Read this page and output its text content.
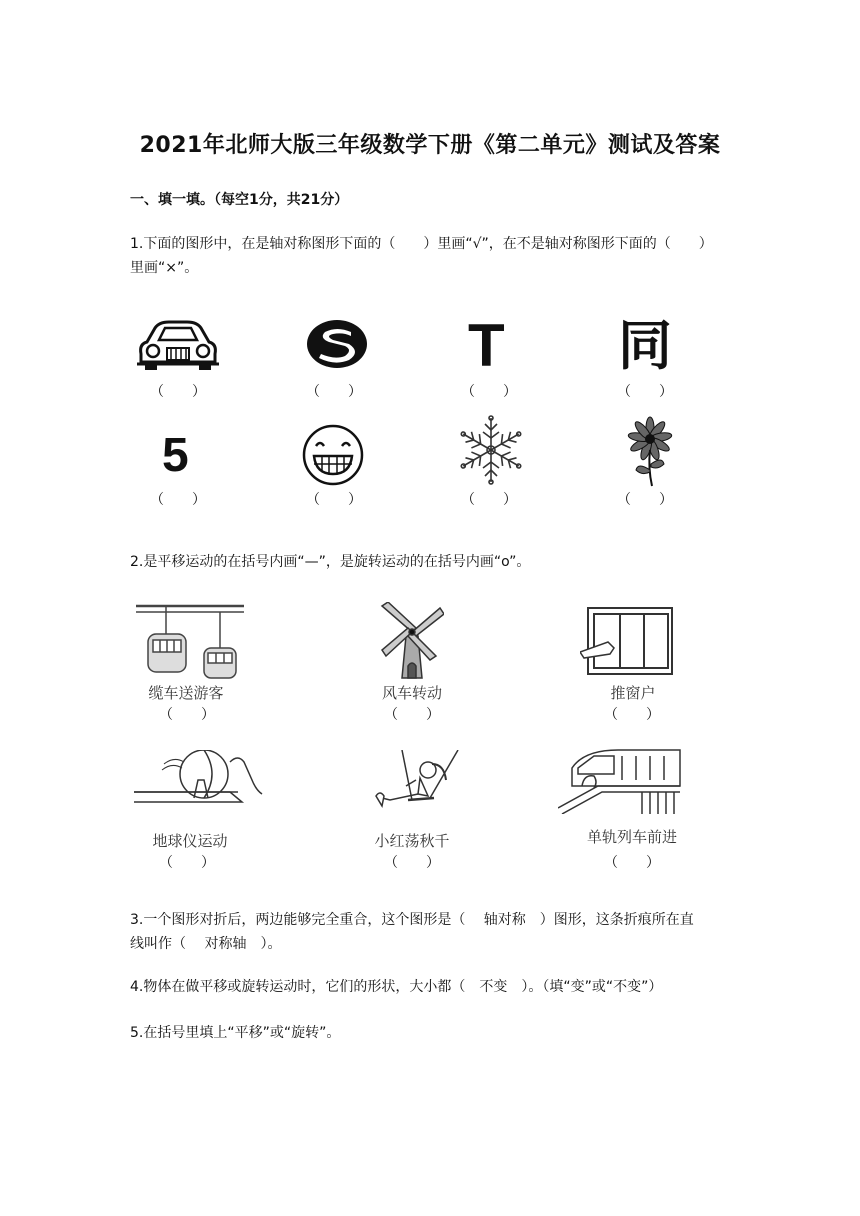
2021年北师大版三年级数学下册《第二单元》测试及答案
一、填一填。（每空1分，共21分）
1.下面的图形中，在是轴对称图形下面的（　　）里画“√”，在不是轴对称图形下面的（　　）
里画“×”。
（　　）	（　　）
T
（　　）
同
（　　）
5
（　　）	（　　）	（　　）	（　　）
2.是平移运动的在括号内画“—”，是旋转运动的在括号内画“o”。
缆车送游客
（　　）
风车转动
（　　）
推窗户
（　　）
地球仪运动
（　　）
小红荡秋千
（　　）
单轨列车前进
（　　）
3.一个图形对折后，两边能够完全重合，这个图形是（　 轴对称　）图形，这条折痕所在直
线叫作（　 对称轴　）。
4.物体在做平移或旋转运动时，它们的形状，大小都（　不变　）。（填“变”或“不变”）
5.在括号里填上“平移”或“旋转”。
